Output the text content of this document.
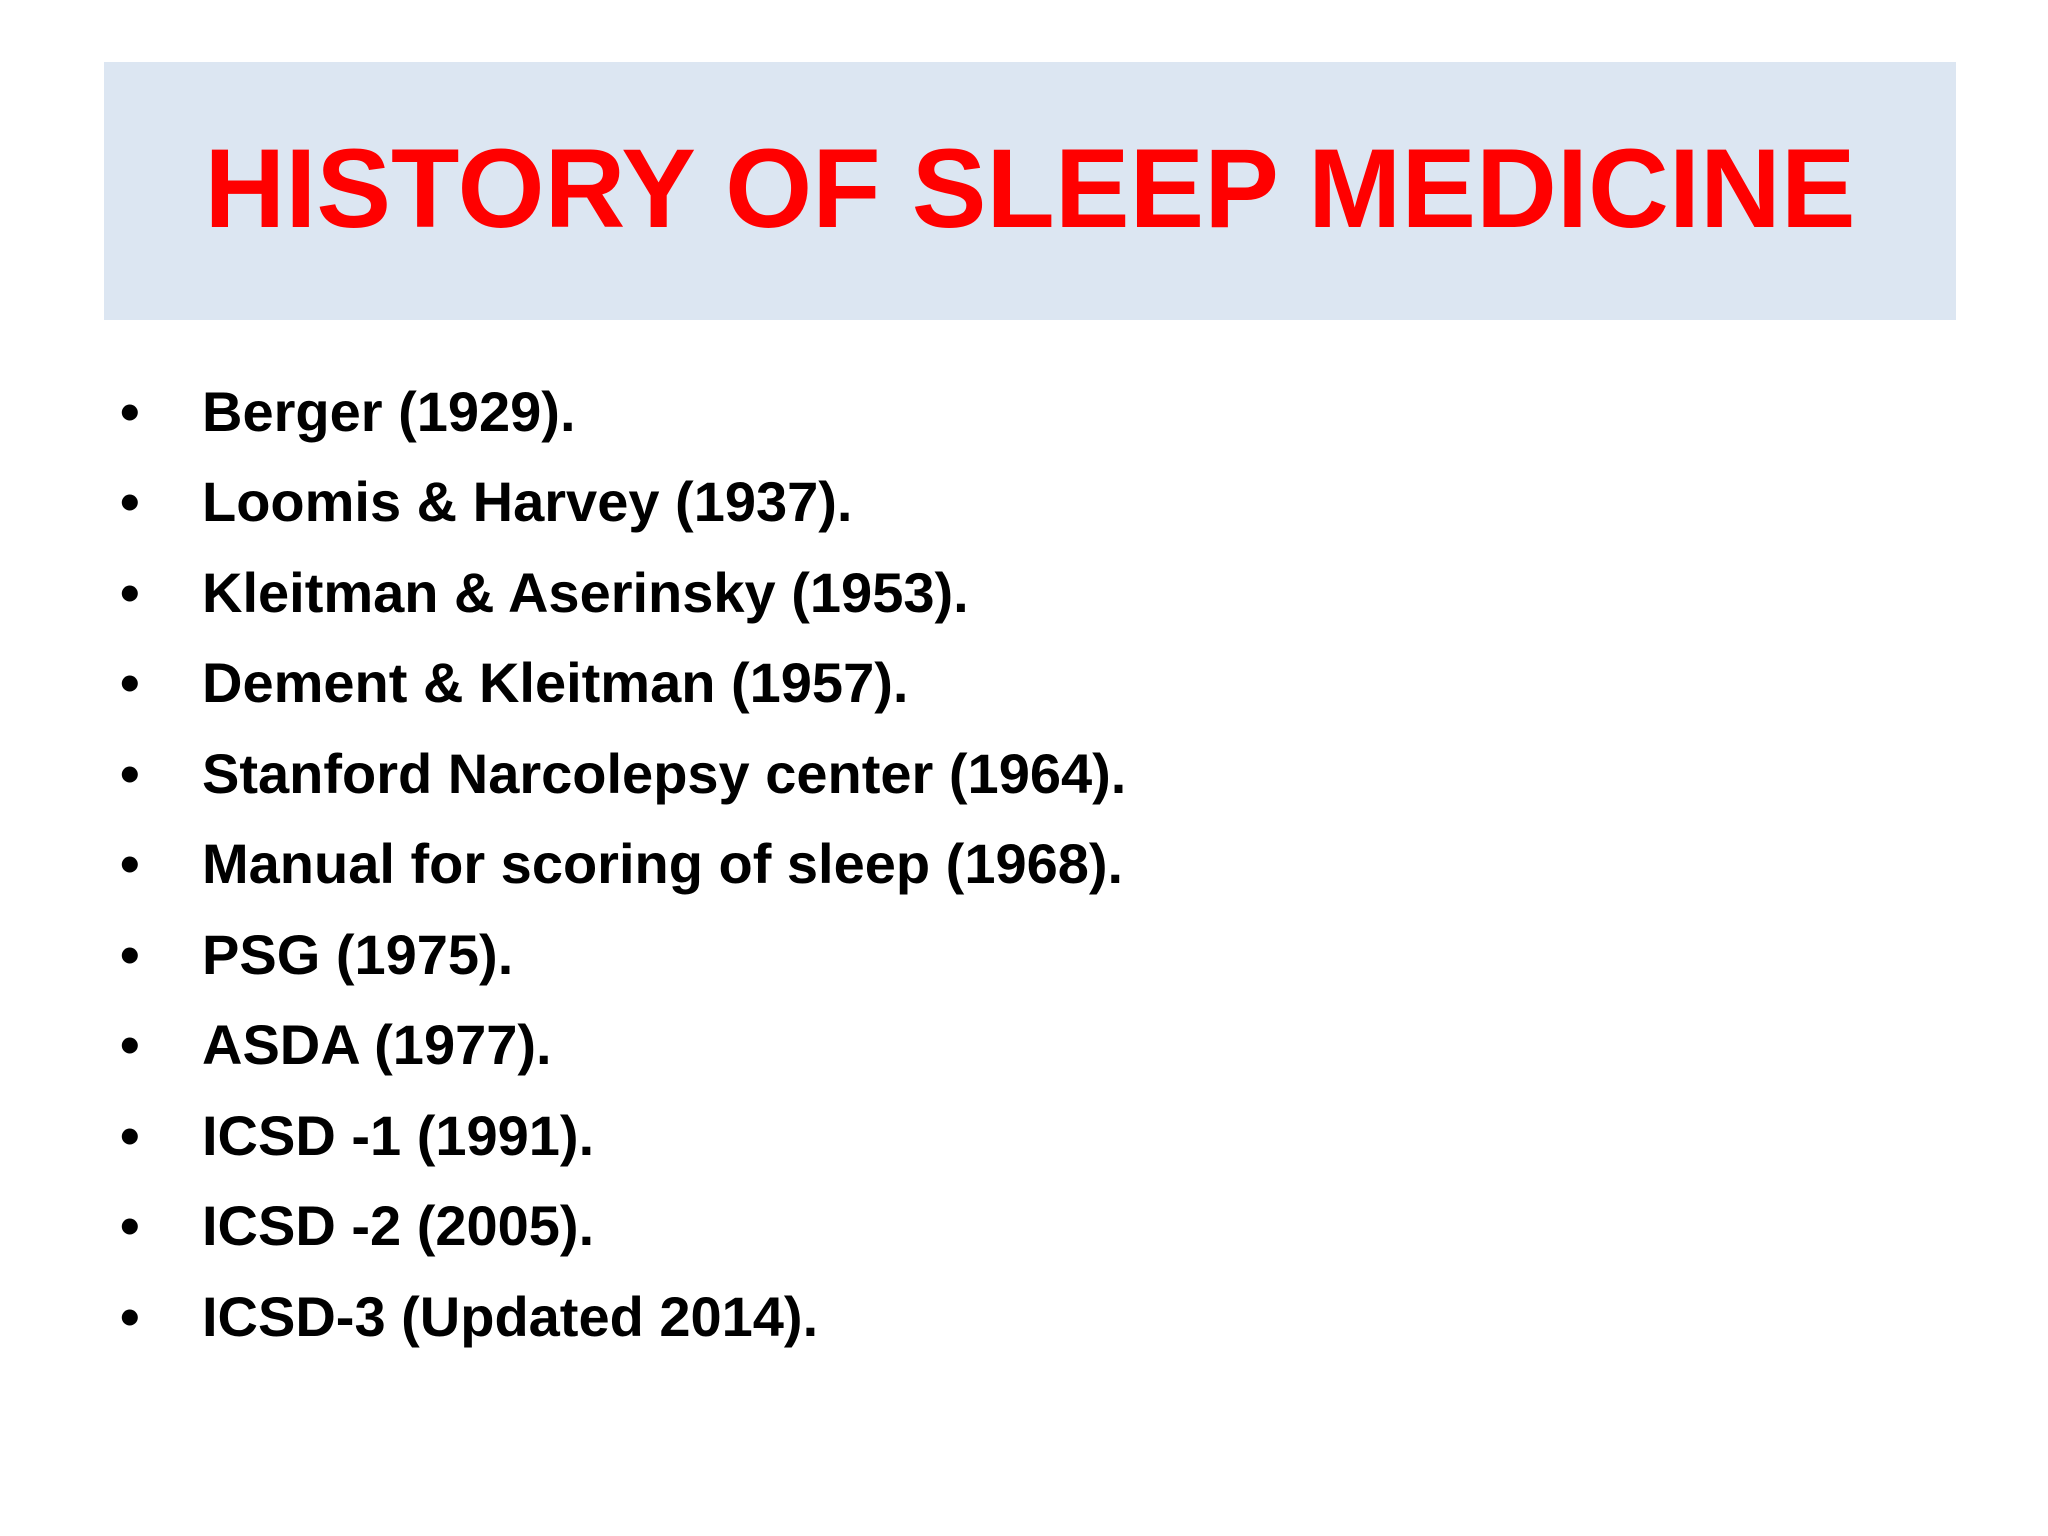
HISTORY OF SLEEP MEDICINE
•	Berger (1929).
•	Loomis & Harvey (1937).
•	Kleitman & Aserinsky (1953).
•	Dement & Kleitman (1957).
•	Stanford Narcolepsy center (1964).
•	Manual for scoring of sleep (1968).
•	PSG (1975).
•	ASDA (1977).
•	ICSD -1 (1991).
•	ICSD -2 (2005).
•	ICSD-3 (Updated 2014).
